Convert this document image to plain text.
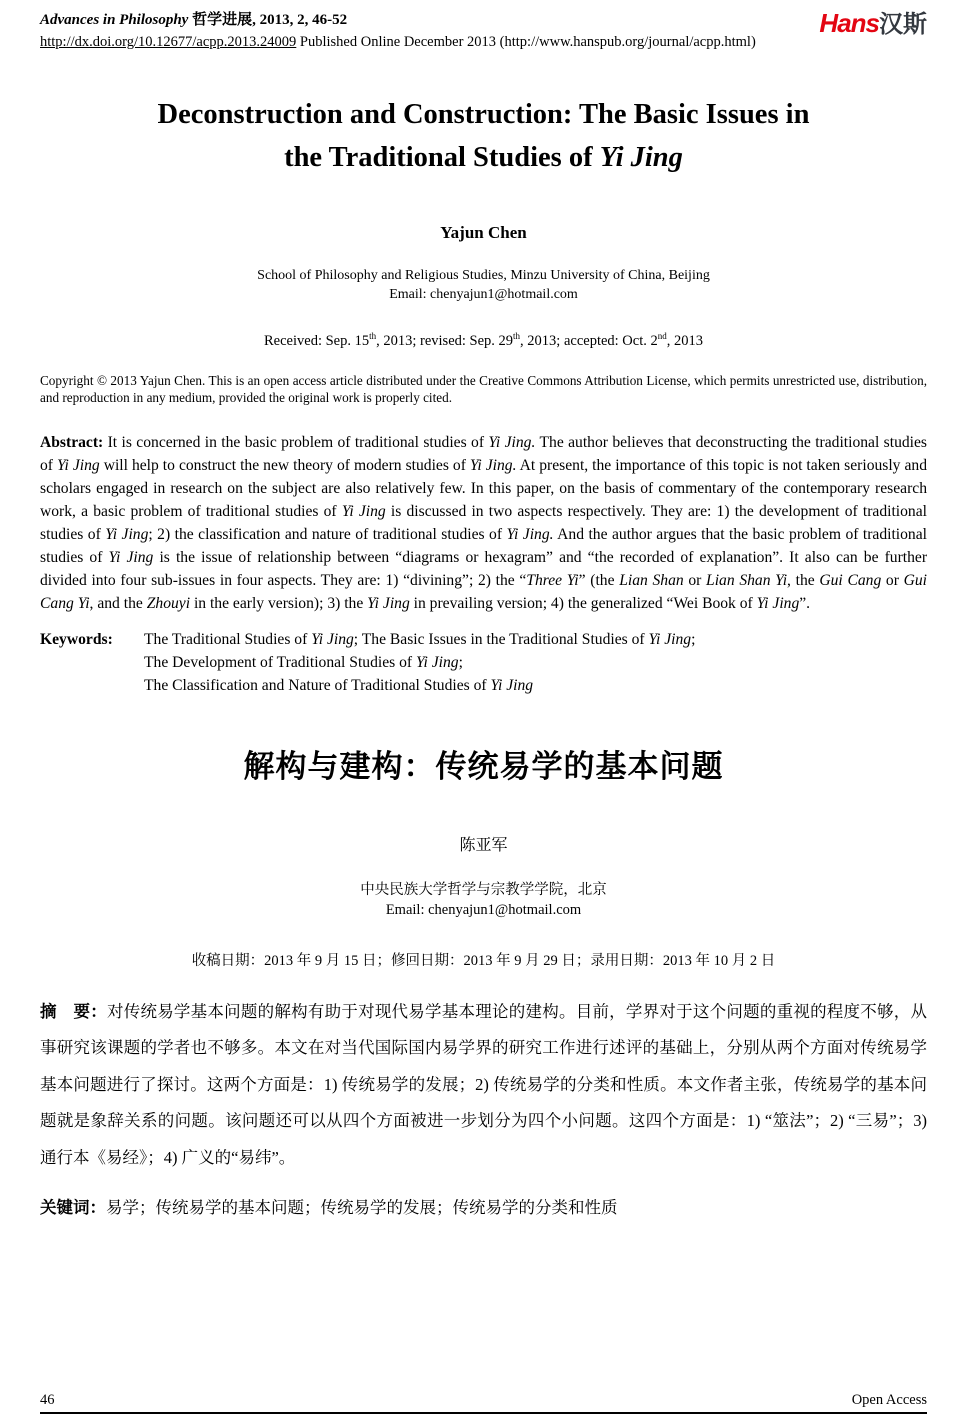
Advances in Philosophy 哲学进展, 2013, 2, 46-52
http://dx.doi.org/10.12677/acpp.2013.24009 Published Online December 2013 (http://www.hanspub.org/journal/acpp.html)
Hans汉斯
Deconstruction and Construction: The Basic Issues in
the Traditional Studies of Yi Jing
Yajun Chen
School of Philosophy and Religious Studies, Minzu University of China, Beijing
Email: chenyajun1@hotmail.com
Received: Sep. 15th, 2013; revised: Sep. 29th, 2013; accepted: Oct. 2nd, 2013
Copyright © 2013 Yajun Chen. This is an open access article distributed under the Creative Commons Attribution License, which permits unrestricted use, distribution, and reproduction in any medium, provided the original work is properly cited.
Abstract: It is concerned in the basic problem of traditional studies of Yi Jing. The author believes that deconstructing the traditional studies of Yi Jing will help to construct the new theory of modern studies of Yi Jing. At present, the importance of this topic is not taken seriously and scholars engaged in research on the subject are also relatively few. In this paper, on the basis of commentary of the contemporary research work, a basic problem of traditional studies of Yi Jing is discussed in two aspects respectively. They are: 1) the development of traditional studies of Yi Jing; 2) the classification and nature of traditional studies of Yi Jing. And the author argues that the basic problem of traditional studies of Yi Jing is the issue of relationship between “diagrams or hexagram” and “the recorded of explanation”. It also can be further divided into four sub-issues in four aspects. They are: 1) “divining”; 2) the “Three Yi” (the Lian Shan or Lian Shan Yi, the Gui Cang or Gui Cang Yi, and the Zhouyi in the early version); 3) the Yi Jing in prevailing version; 4) the generalized “Wei Book of Yi Jing”.
Keywords: The Traditional Studies of Yi Jing; The Basic Issues in the Traditional Studies of Yi Jing;
The Development of Traditional Studies of Yi Jing;
The Classification and Nature of Traditional Studies of Yi Jing
解构与建构：传统易学的基本问题
陈亚军
中央民族大学哲学与宗教学学院，北京
Email: chenyajun1@hotmail.com
收稿日期：2013 年 9 月 15 日；修回日期：2013 年 9 月 29 日；录用日期：2013 年 10 月 2 日
摘　要：对传统易学基本问题的解构有助于对现代易学基本理论的建构。目前，学界对于这个问题的重视的程度不够，从事研究该课题的学者也不够多。本文在对当代国际国内易学界的研究工作进行述评的基础上，分别从两个方面对传统易学基本问题进行了探讨。这两个方面是：1) 传统易学的发展；2) 传统易学的分类和性质。本文作者主张，传统易学的基本问题就是象辞关系的问题。该问题还可以从四个方面被进一步划分为四个小问题。这四个方面是：1) “筮法”；2) “三易”；3) 通行本《易经》；4) 广义的“易纬”。
关键词：易学；传统易学的基本问题；传统易学的发展；传统易学的分类和性质
46	Open Access
